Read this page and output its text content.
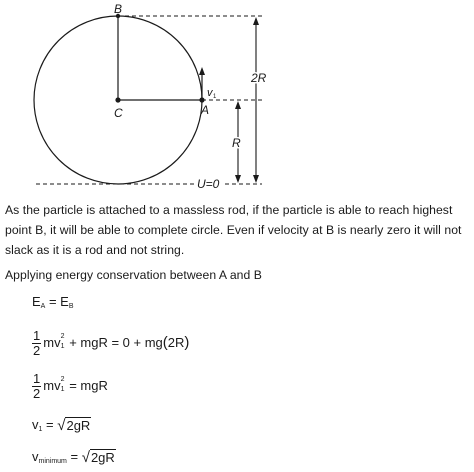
B
C	A
v 1
2R
R
U=0
As the particle is attached to a massless rod, if the particle is able to reach highest point B, it will be able to complete circle. Even if velocity at B is nearly zero it will not slack as it is a rod and not string.
Applying energy conservation between A and B
EA = EB
$\frac{1}{2}$ mv 2
1 + mgR = 0 + mg(2R)
$\frac{1}{2}$ mv 2
1 = mgR
v1 = √2gR
vminimum = √2gR
